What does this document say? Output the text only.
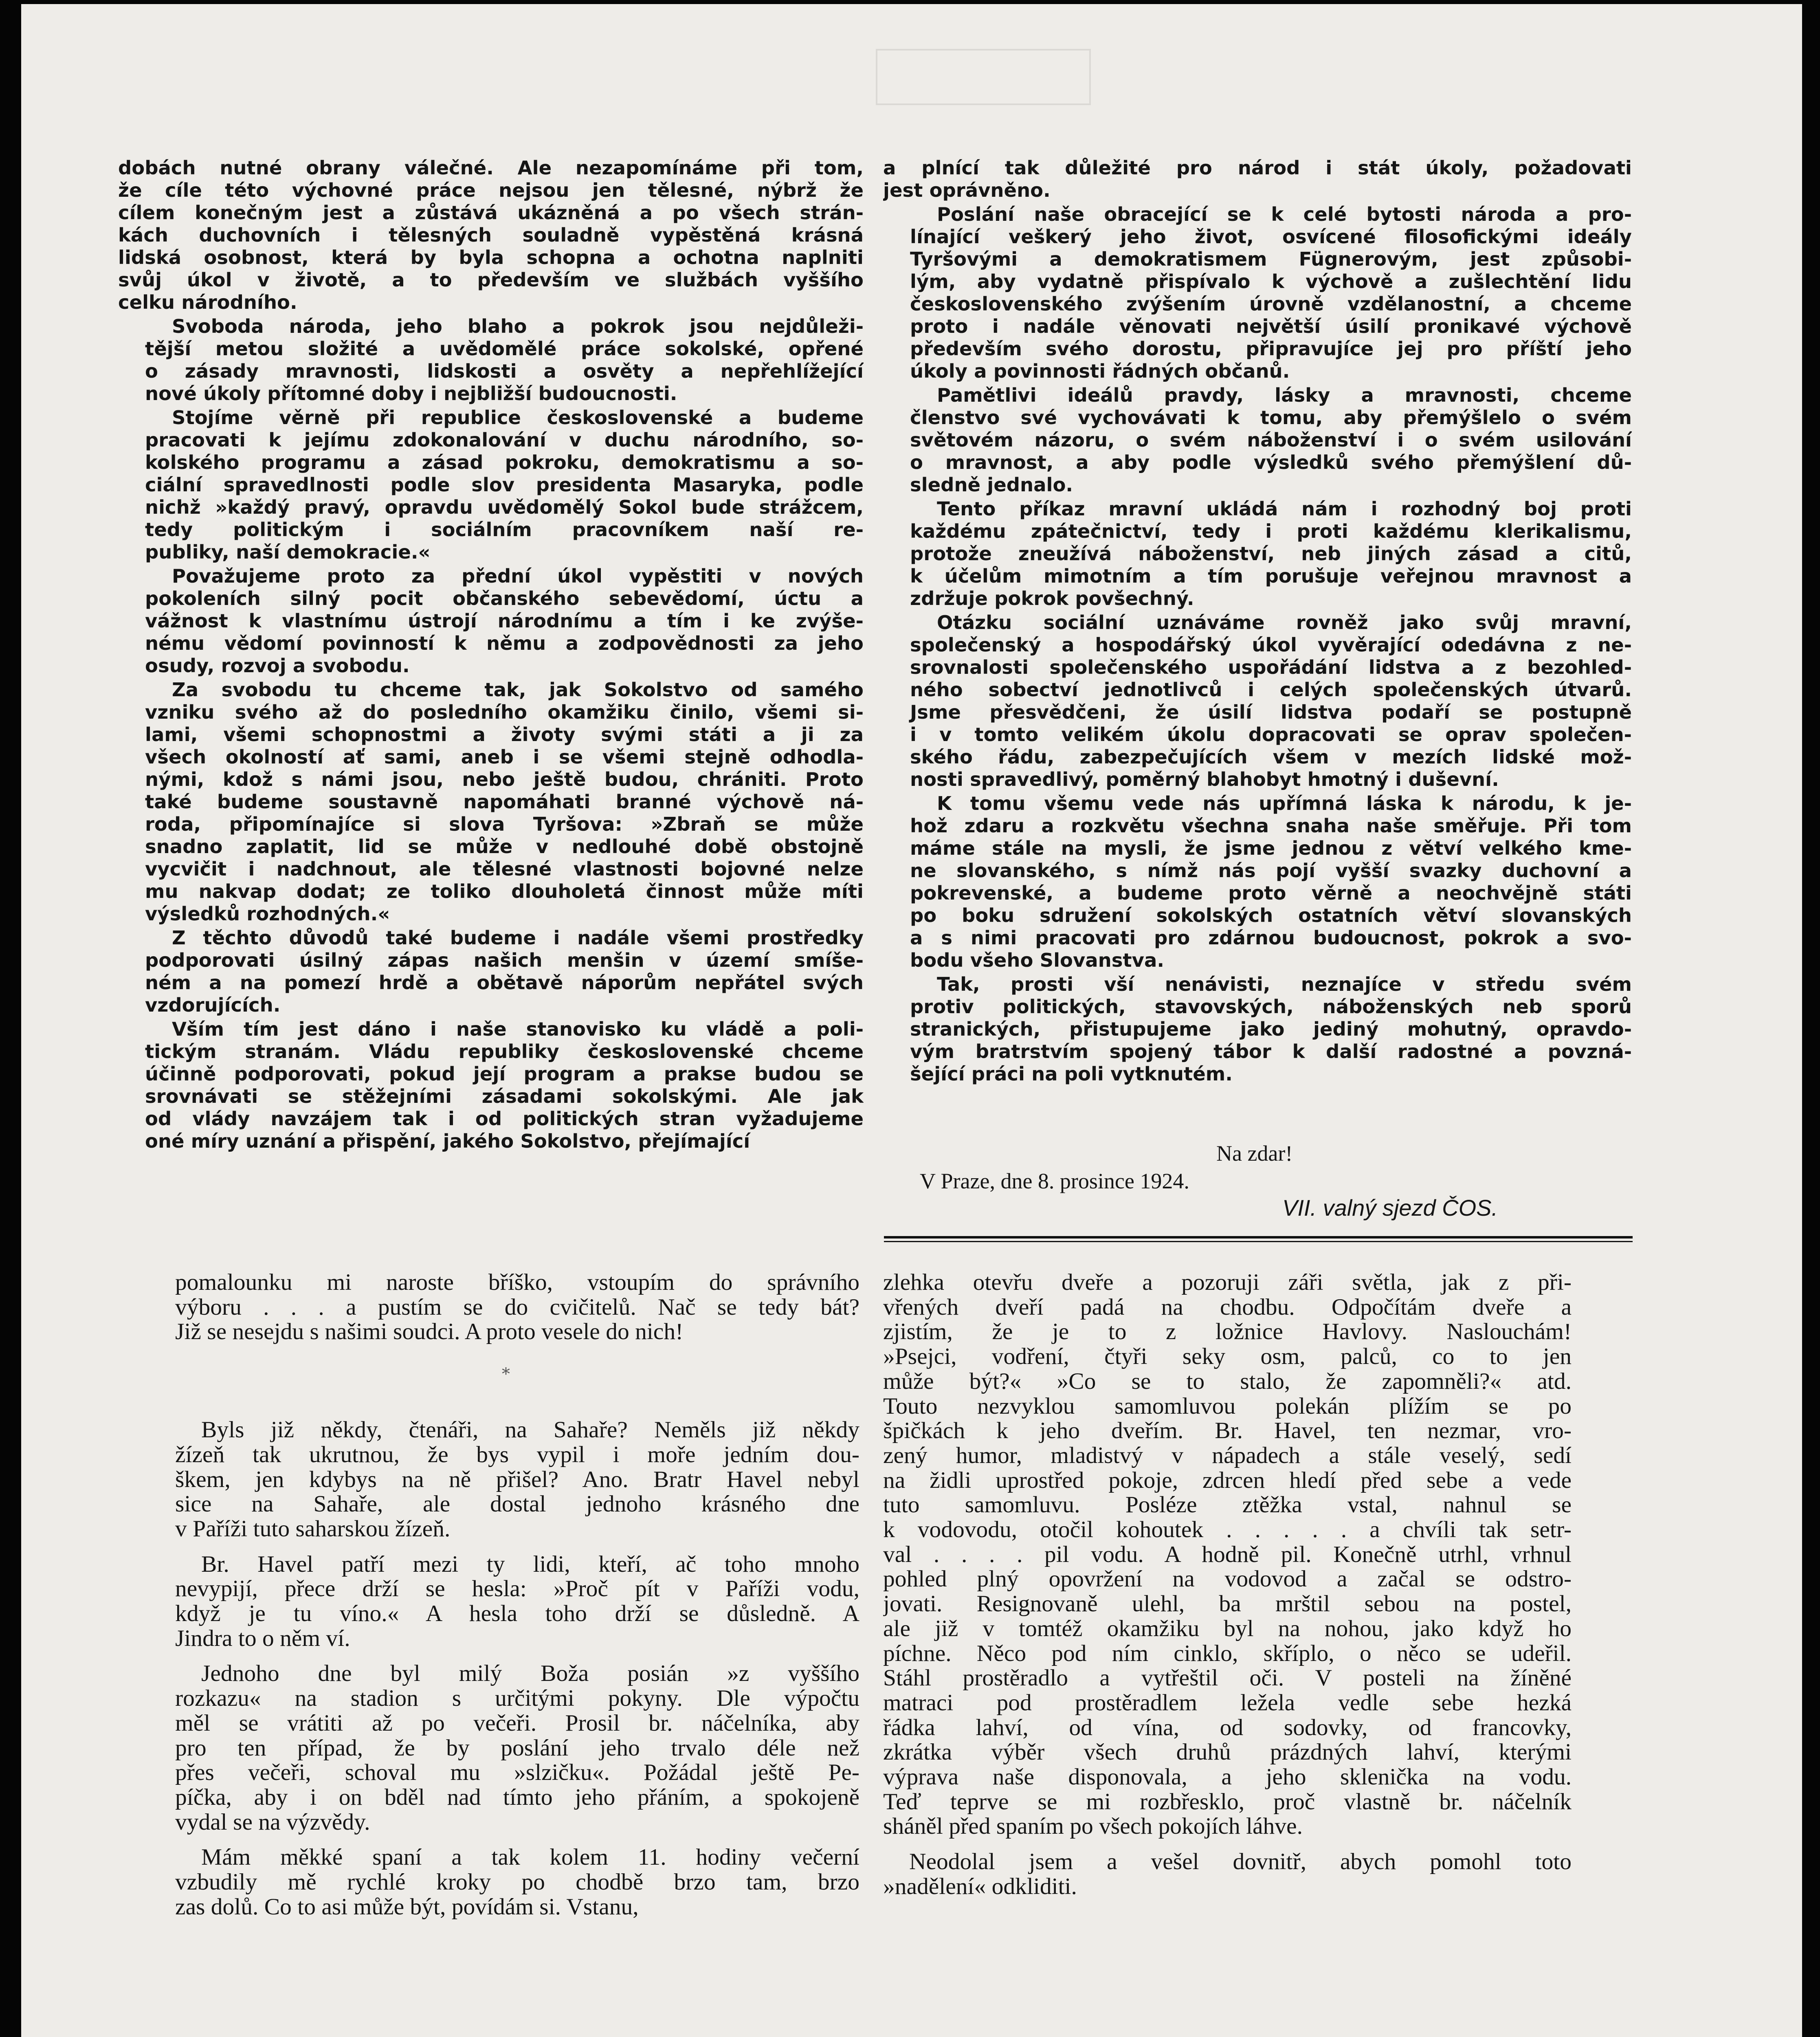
dobách nutné obrany válečné. Ale nezapomínáme při tom,
že cíle této výchovné práce nejsou jen tělesné, nýbrž že
cílem konečným jest a zůstává ukázněná a po všech strán-
kách duchovních i tělesných souladně vypěstěná krásná
lidská osobnost, která by byla schopna a ochotna naplniti
svůj úkol v životě, a to především ve službách vyššího
celku národního.

Svoboda národa, jeho blaho a pokrok jsou nejdůleži-
tější metou složité a uvědomělé práce sokolské, opřené
o zásady mravnosti, lidskosti a osvěty a nepřehlížející
nové úkoly přítomné doby i nejbližší budoucnosti.

Stojíme věrně při republice československé a budeme
pracovati k jejímu zdokonalování v duchu národního, so-
kolského programu a zásad pokroku, demokratismu a so-
ciální spravedlnosti podle slov presidenta Masaryka, podle
nichž »každý pravý, opravdu uvědomělý Sokol bude strážcem,
tedy politickým i sociálním pracovníkem naší re-
publiky, naší demokracie.«

Považujeme proto za přední úkol vypěstiti v nových
pokoleních silný pocit občanského sebevědomí, úctu a
vážnost k vlastnímu ústrojí národnímu a tím i ke zvýše-
nému vědomí povinností k němu a zodpovědnosti za jeho
osudy, rozvoj a svobodu.

Za svobodu tu chceme tak, jak Sokolstvo od samého
vzniku svého až do posledního okamžiku činilo, všemi si-
lami, všemi schopnostmi a životy svými státi a ji za
všech okolností ať sami, aneb i se všemi stejně odhodla-
nými, kdož s námi jsou, nebo ještě budou, chrániti. Proto
také budeme soustavně napomáhati branné výchově ná-
roda, připomínajíce si slova Tyršova: »Zbraň se může
snadno zaplatit, lid se může v nedlouhé době obstojně
vycvičit i nadchnout, ale tělesné vlastnosti bojovné nelze
mu nakvap dodat; ze toliko dlouholetá činnost může míti
výsledků rozhodných.«

Z těchto důvodů také budeme i nadále všemi prostředky
podporovati úsilný zápas našich menšin v území smíše-
ném a na pomezí hrdě a obětavě náporům nepřátel svých
vzdorujících.

Vším tím jest dáno i naše stanovisko ku vládě a poli-
tickým stranám. Vládu republiky československé chceme
účinně podporovati, pokud její program a prakse budou se
srovnávati se stěžejními zásadami sokolskými. Ale jak
od vlády navzájem tak i od politických stran vyžadujeme
oné míry uznání a přispění, jakého Sokolstvo, přejímající

a plnící tak důležité pro národ i stát úkoly, požadovati
jest oprávněno.

Poslání naše obracející se k celé bytosti národa a pro-
línající veškerý jeho život, osvícené filosofickými ideály
Tyršovými a demokratismem Fügnerovým, jest způsobi-
lým, aby vydatně přispívalo k výchově a zušlechtění lidu
československého zvýšením úrovně vzdělanostní, a chceme
proto i nadále věnovati největší úsilí pronikavé výchově
především svého dorostu, připravujíce jej pro příští jeho
úkoly a povinnosti řádných občanů.

Pamětlivi ideálů pravdy, lásky a mravnosti, chceme
členstvo své vychovávati k tomu, aby přemýšlelo o svém
světovém názoru, o svém náboženství i o svém usilování
o mravnost, a aby podle výsledků svého přemýšlení dů-
sledně jednalo.

Tento příkaz mravní ukládá nám i rozhodný boj proti
každému zpátečnictví, tedy i proti každému klerikalismu,
protože zneužívá náboženství, neb jiných zásad a citů,
k účelům mimotním a tím porušuje veřejnou mravnost a
zdržuje pokrok povšechný.

Otázku sociální uznáváme rovněž jako svůj mravní,
společenský a hospodářský úkol vyvěrající odedávna z ne-
srovnalosti společenského uspořádání lidstva a z bezohled-
ného sobectví jednotlivců i celých společenských útvarů.
Jsme přesvědčeni, že úsilí lidstva podaří se postupně
i v tomto velikém úkolu dopracovati se oprav společen-
ského řádu, zabezpečujících všem v mezích lidské mož-
nosti spravedlivý, poměrný blahobyt hmotný i duševní.

K tomu všemu vede nás upřímná láska k národu, k je-
hož zdaru a rozkvětu všechna snaha naše směřuje. Při tom
máme stále na mysli, že jsme jednou z větví velkého kme-
ne slovanského, s nímž nás pojí vyšší svazky duchovní a
pokrevenské, a budeme proto věrně a neochvějně státi
po boku sdružení sokolských ostatních větví slovanských
a s nimi pracovati pro zdárnou budoucnost, pokrok a svo-
bodu všeho Slovanstva.

Tak, prosti vší nenávisti, neznajíce v středu svém
protiv politických, stavovských, náboženských neb sporů
stranických, přistupujeme jako jediný mohutný, opravdo-
vým bratrstvím spojený tábor k další radostné a povzná-
šející práci na poli vytknutém.

Na zdar!
V Praze, dne 8. prosince 1924.
VII. valný sjezd ČOS.

pomalounku mi naroste bříško, vstoupím do správního
výboru . . . a pustím se do cvičitelů. Nač se tedy bát?
Již se nesejdu s našimi soudci. A proto vesele do nich!

Byls již někdy, čtenáři, na Sahaře? Neměls již někdy
žízeň tak ukrutnou, že bys vypil i moře jedním dou-
škem, jen kdybys na ně přišel? Ano. Bratr Havel nebyl
sice na Sahaře, ale dostal jednoho krásného dne
v Paříži tuto saharskou žízeň.

Br. Havel patří mezi ty lidi, kteří, ač toho mnoho
nevypijí, přece drží se hesla: »Proč pít v Paříži vodu,
když je tu víno.« A hesla toho drží se důsledně. A
Jindra to o něm ví.

Jednoho dne byl milý Boža posián »z vyššího
rozkazu« na stadion s určitými pokyny. Dle výpočtu
měl se vrátiti až po večeři. Prosil br. náčelníka, aby
pro ten případ, že by poslání jeho trvalo déle než
přes večeři, schoval mu »slzičku«. Požádal ještě Pe-
píčka, aby i on bděl nad tímto jeho přáním, a spokojeně
vydal se na výzvědy.

Mám měkké spaní a tak kolem 11. hodiny večerní
vzbudily mě rychlé kroky po chodbě brzo tam, brzo
zas dolů. Co to asi může být, povídám si. Vstanu,

*

zlehka otevřu dveře a pozoruji záři světla, jak z při-
vřených dveří padá na chodbu. Odpočítám dveře a
zjistím, že je to z ložnice Havlovy. Naslouchám!
»Psejci, vodření, čtyři seky osm, palců, co to jen
může být?« »Co se to stalo, že zapomněli?« atd.
Touto nezvyklou samomluvou polekán plížím se po
špičkách k jeho dveřím. Br. Havel, ten nezmar, vro-
zený humor, mladistvý v nápadech a stále veselý, sedí
na židli uprostřed pokoje, zdrcen hledí před sebe a vede
tuto samomluvu. Posléze ztěžka vstal, nahnul se
k vodovodu, otočil kohoutek . . . . . a chvíli tak setr-
val . . . . pil vodu. A hodně pil. Konečně utrhl, vrhnul
pohled plný opovržení na vodovod a začal se odstro-
jovati. Resignovaně ulehl, ba mrštil sebou na postel,
ale již v tomtéž okamžiku byl na nohou, jako když ho
píchne. Něco pod ním cinklo, skříplo, o něco se udeřil.
Stáhl prostěradlo a vytřeštil oči. V posteli na žíněné
matraci pod prostěradlem ležela vedle sebe hezká
řádka lahví, od vína, od sodovky, od francovky,
zkrátka výběr všech druhů prázdných lahví, kterými
výprava naše disponovala, a jeho sklenička na vodu.
Teď teprve se mi rozbřesklo, proč vlastně br. náčelník
sháněl před spaním po všech pokojích láhve.

Neodolal jsem a vešel dovnitř, abych pomohl toto
»nadělení« odkliditi.
